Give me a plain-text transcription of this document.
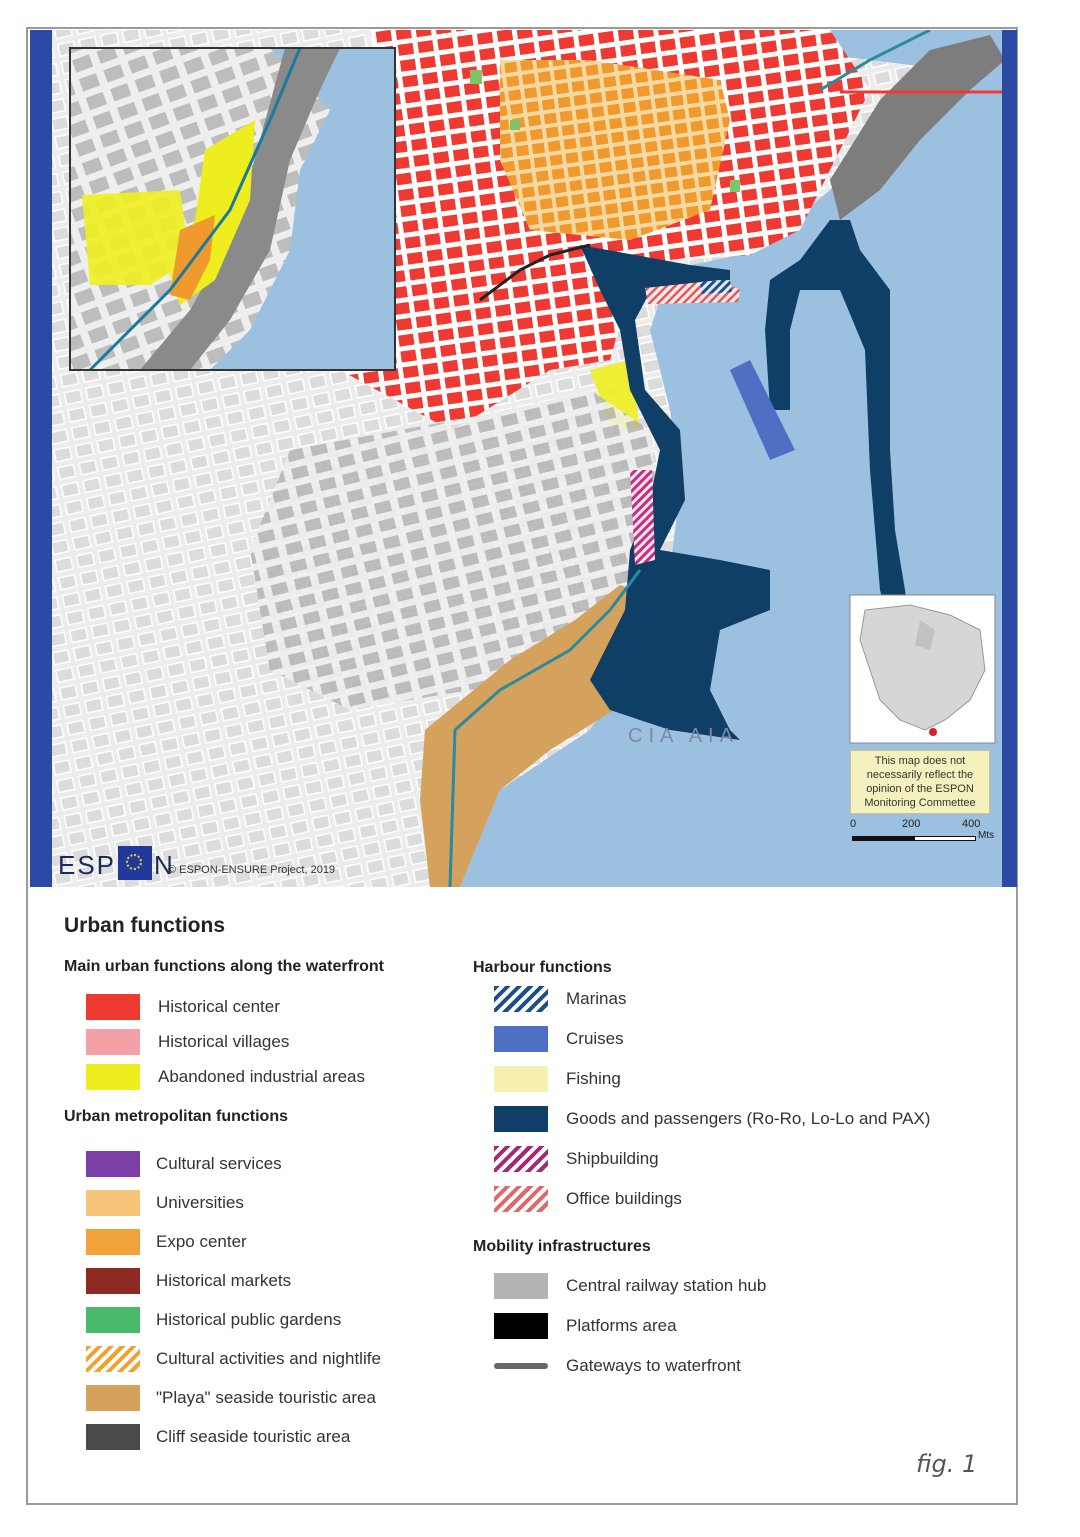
CIA AIA
This map does not
necessarily reflect the
opinion of the ESPON
Monitoring Commettee
0	200	400
Mts
ESP N
© ESPON-ENSURE Project, 2019
Urban functions
Main urban functions along the waterfront
Urban metropolitan functions
Harbour functions
Mobility infrastructures
Historical center
Historical villages
Abandoned industrial areas
Cultural services
Universities
Expo center
Historical markets
Historical public gardens
Cultural activities and nightlife
"Playa" seaside touristic area
Cliff seaside touristic area
Marinas
Cruises
Fishing
Goods and passengers (Ro-Ro, Lo-Lo and PAX)
Shipbuilding
Office buildings
Central railway station hub
Platforms area
Gateways to waterfront
fig. 1
